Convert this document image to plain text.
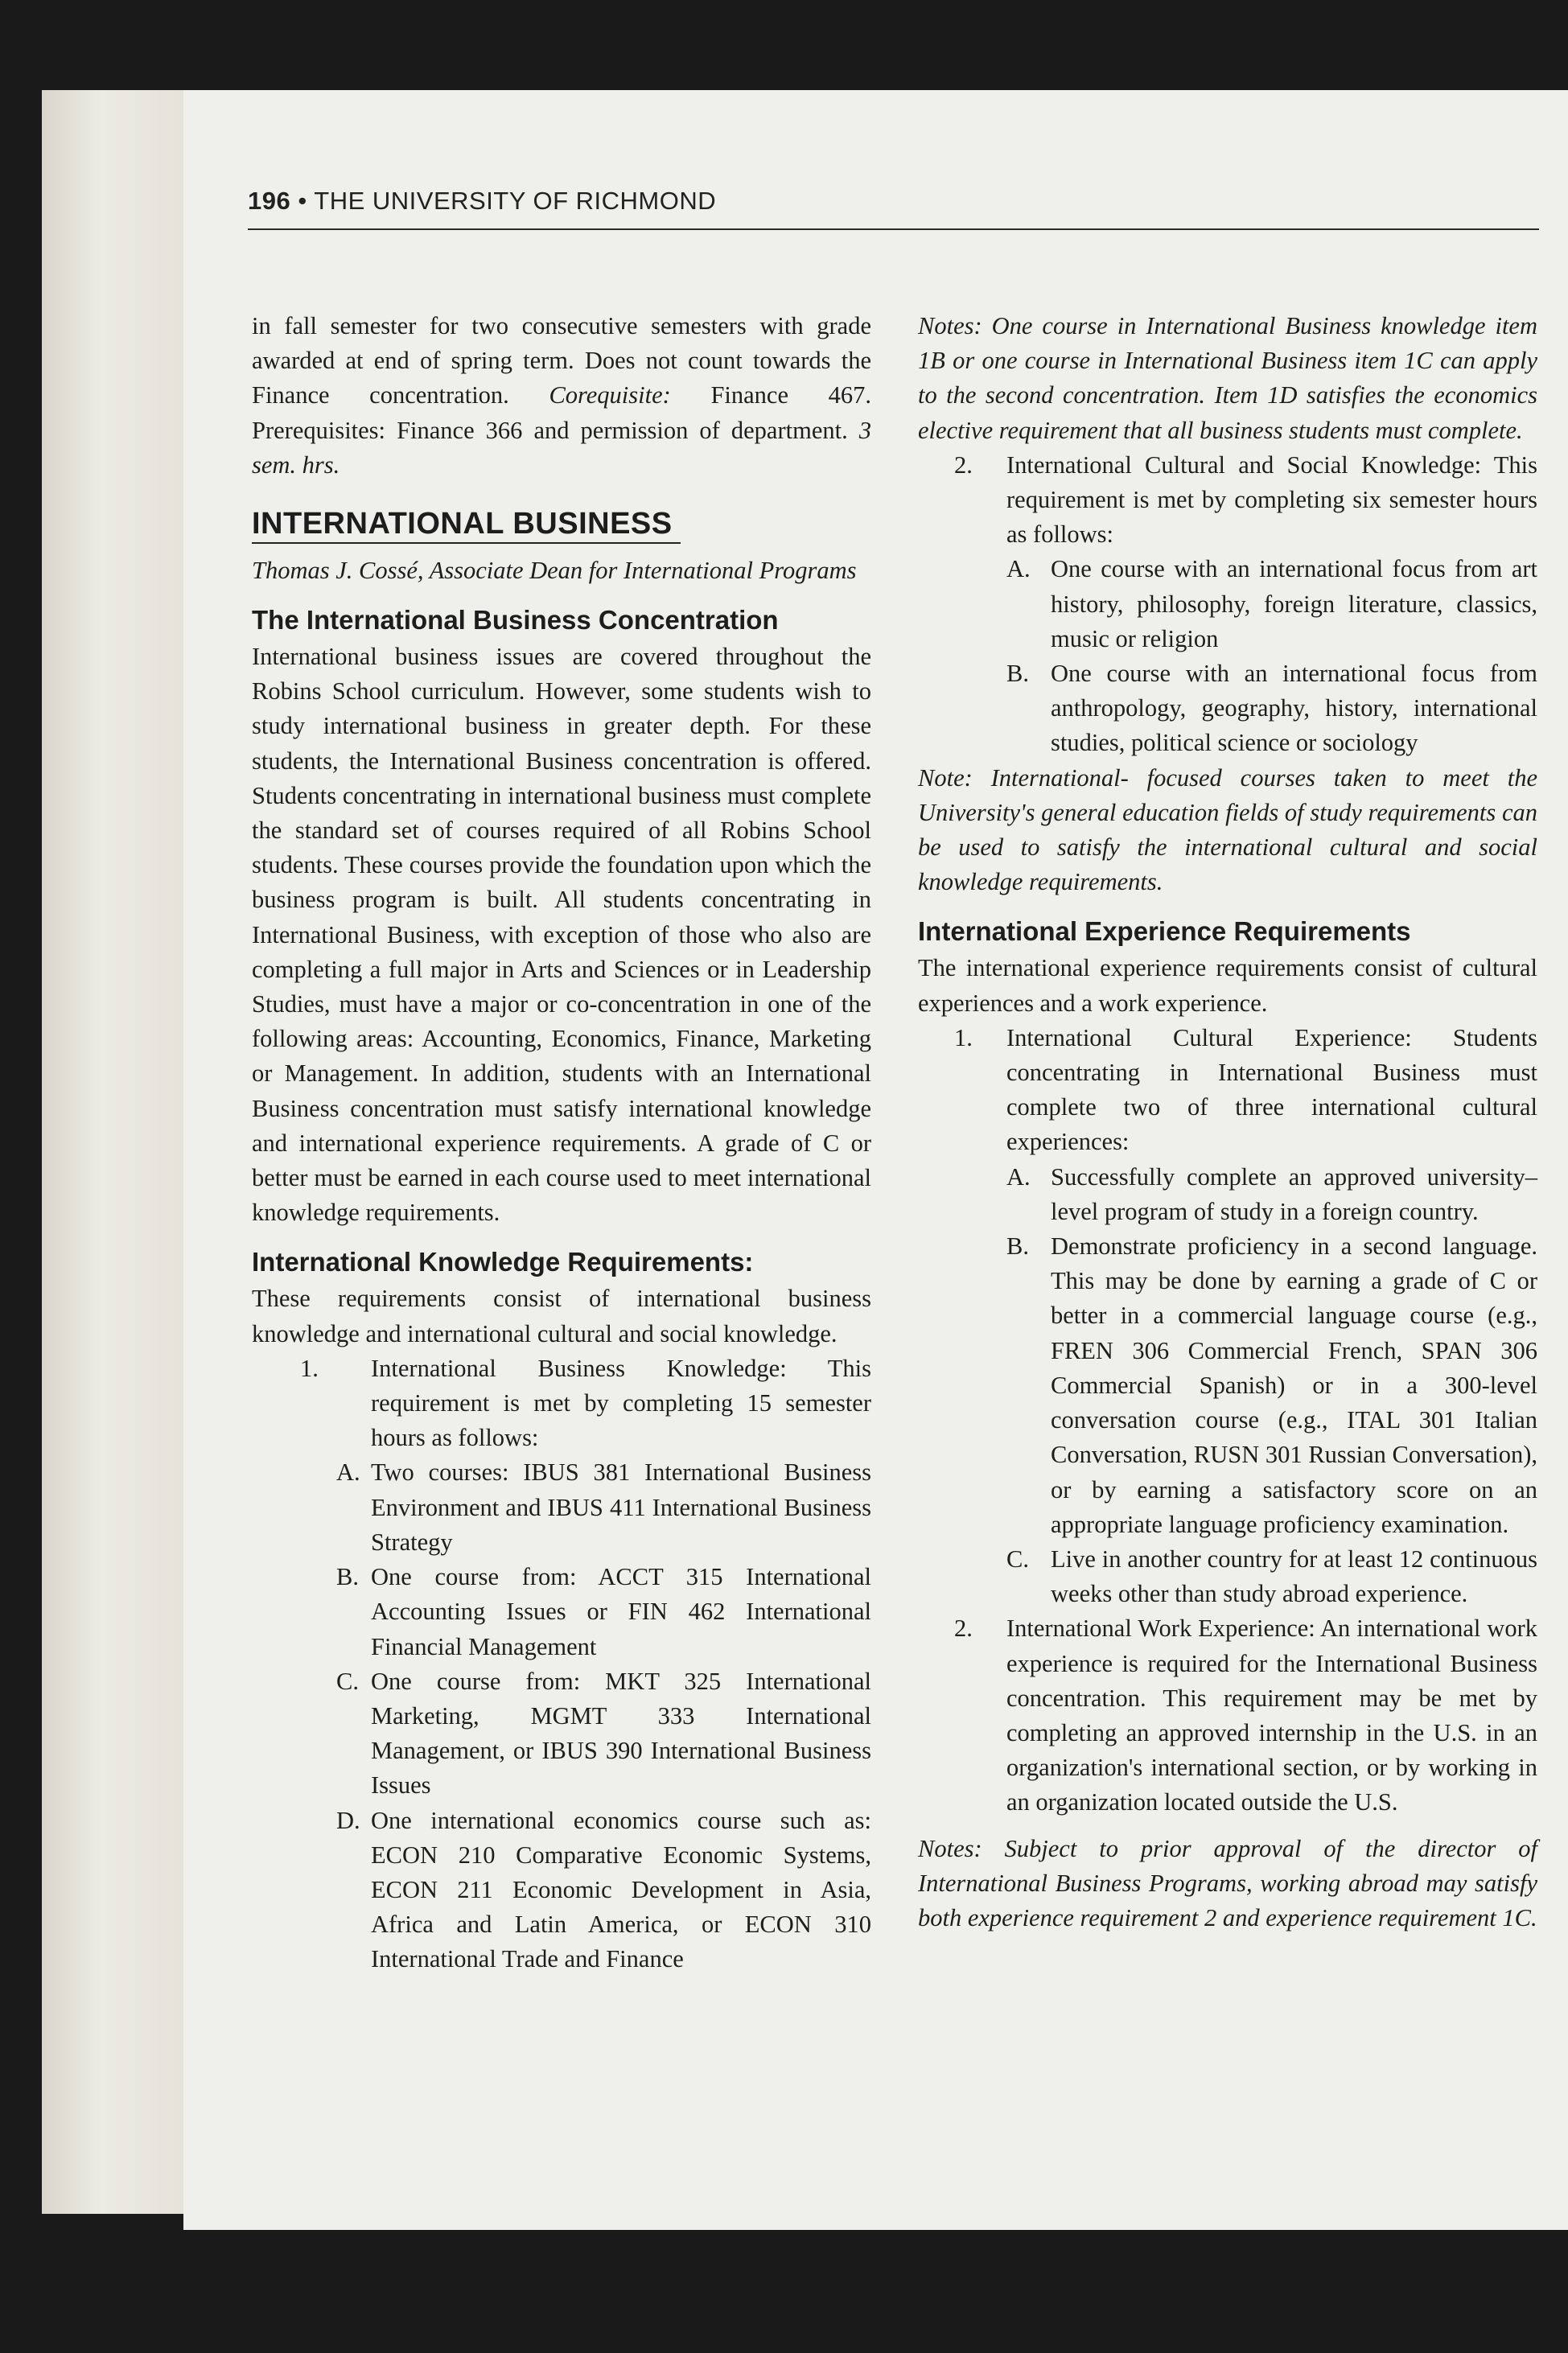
196 • THE UNIVERSITY OF RICHMOND

in fall semester for two consecutive semesters with grade awarded at end of spring term. Does not count towards the Finance concentration. Corequisite: Finance 467. Prerequisites: Finance 366 and permission of department. 3 sem. hrs.

INTERNATIONAL BUSINESS
Thomas J. Cossé, Associate Dean for International Programs
The International Business Concentration

International business issues are covered throughout the Robins School curriculum. However, some students wish to study international business in greater depth. For these students, the International Business concentration is offered. Students concentrating in international business must complete the standard set of courses required of all Robins School students. These courses provide the foundation upon which the business program is built. All students concentrating in International Business, with exception of those who also are completing a full major in Arts and Sciences or in Leadership Studies, must have a major or co-concentration in one of the following areas: Accounting, Economics, Finance, Marketing or Management. In addition, students with an International Business concentration must satisfy international knowledge and international experience requirements. A grade of C or better must be earned in each course used to meet international knowledge requirements.

International Knowledge Requirements:

These requirements consist of international business knowledge and international cultural and social knowledge.

1. International Business Knowledge: This requirement is met by completing 15 semester hours as follows:
A. Two courses: IBUS 381 International Business Environment and IBUS 411 International Business Strategy
B. One course from: ACCT 315 International Accounting Issues or FIN 462 International Financial Management
C. One course from: MKT 325 International Marketing, MGMT 333 International Management, or IBUS 390 International Business Issues
D. One international economics course such as: ECON 210 Comparative Economic Systems, ECON 211 Economic Development in Asia, Africa and Latin America, or ECON 310 International Trade and Finance

Notes: One course in International Business knowledge item 1B or one course in International Business item 1C can apply to the second concentration. Item 1D satisfies the economics elective requirement that all business students must complete.

2. International Cultural and Social Knowledge: This requirement is met by completing six semester hours as follows:
A. One course with an international focus from art history, philosophy, foreign literature, classics, music or religion
B. One course with an international focus from anthropology, geography, history, international studies, political science or sociology

Note: International- focused courses taken to meet the University's general education fields of study requirements can be used to satisfy the international cultural and social knowledge requirements.

International Experience Requirements

The international experience requirements consist of cultural experiences and a work experience.

1. International Cultural Experience: Students concentrating in International Business must complete two of three international cultural experiences:
A. Successfully complete an approved university–level program of study in a foreign country.
B. Demonstrate proficiency in a second language. This may be done by earning a grade of C or better in a commercial language course (e.g., FREN 306 Commercial French, SPAN 306 Commercial Spanish) or in a 300-level conversation course (e.g., ITAL 301 Italian Conversation, RUSN 301 Russian Conversation), or by earning a satisfactory score on an appropriate language proficiency examination.
C. Live in another country for at least 12 continuous weeks other than study abroad experience.
2. International Work Experience: An international work experience is required for the International Business concentration. This requirement may be met by completing an approved internship in the U.S. in an organization's international section, or by working in an organization located outside the U.S.

Notes: Subject to prior approval of the director of International Business Programs, working abroad may satisfy both experience requirement 2 and experience requirement 1C.
